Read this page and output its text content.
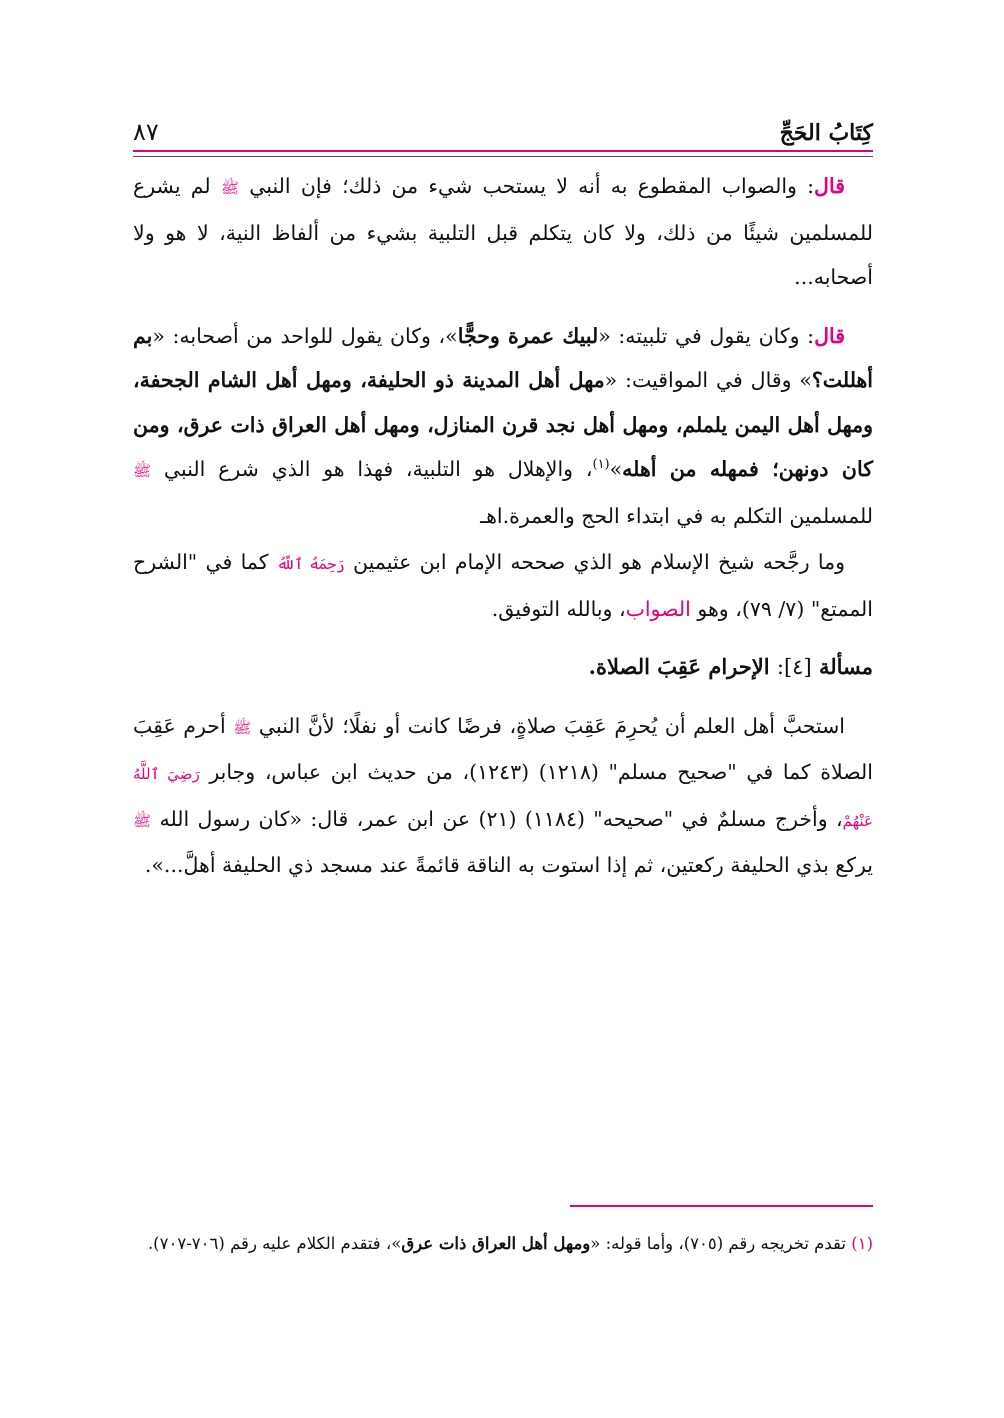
كِتَابُ الحَجِّ
٨٧

قال: والصواب المقطوع به أنه لا يستحب شيء من ذلك؛ فإن النبي ﷺ لم يشرع للمسلمين شيئًا من ذلك، ولا كان يتكلم قبل التلبية بشيء من ألفاظ النية، لا هو ولا أصحابه...

قال: وكان يقول في تلبيته: «لبيك عمرة وحجًّا»، وكان يقول للواحد من أصحابه: «بم أهللت؟» وقال في المواقيت: «مهل أهل المدينة ذو الحليفة، ومهل أهل الشام الجحفة، ومهل أهل اليمن يلملم، ومهل أهل نجد قرن المنازل، ومهل أهل العراق ذات عرق، ومن كان دونهن؛ فمهله من أهله»$^{(١)}$، والإهلال هو التلبية، فهذا هو الذي شرع النبي ﷺ للمسلمين التكلم به في ابتداء الحج والعمرة.اهـ

وما رجَّحه شيخ الإسلام هو الذي صححه الإمام ابن عثيمين رَحِمَهُ ٱللَّهُ كما في "الشرح الممتع" (٧/ ٧٩)، وهو الصواب، وبالله التوفيق.

مسألة [٤]: الإحرام عَقِبَ الصلاة.

استحبَّ أهل العلم أن يُحرِمَ عَقِبَ صلاةٍ، فرضًا كانت أو نفلًا؛ لأنَّ النبي ﷺ أحرم عَقِبَ الصلاة كما في "صحيح مسلم" (١٢١٨) (١٢٤٣)، من حديث ابن عباس، وجابر رَضِيَ ٱللَّهُ عَنْهُمْ، وأخرج مسلمٌ في "صحيحه" (١١٨٤) (٢١) عن ابن عمر، قال: «كان رسول الله ﷺ يركع بذي الحليفة ركعتين، ثم إذا استوت به الناقة قائمةً عند مسجد ذي الحليفة أهلَّ...».

(١) تقدم تخريجه رقم (٧٠٥)، وأما قوله: «ومهل أهل العراق ذات عرق»، فتقدم الكلام عليه رقم (٧٠٦-٧٠٧).
